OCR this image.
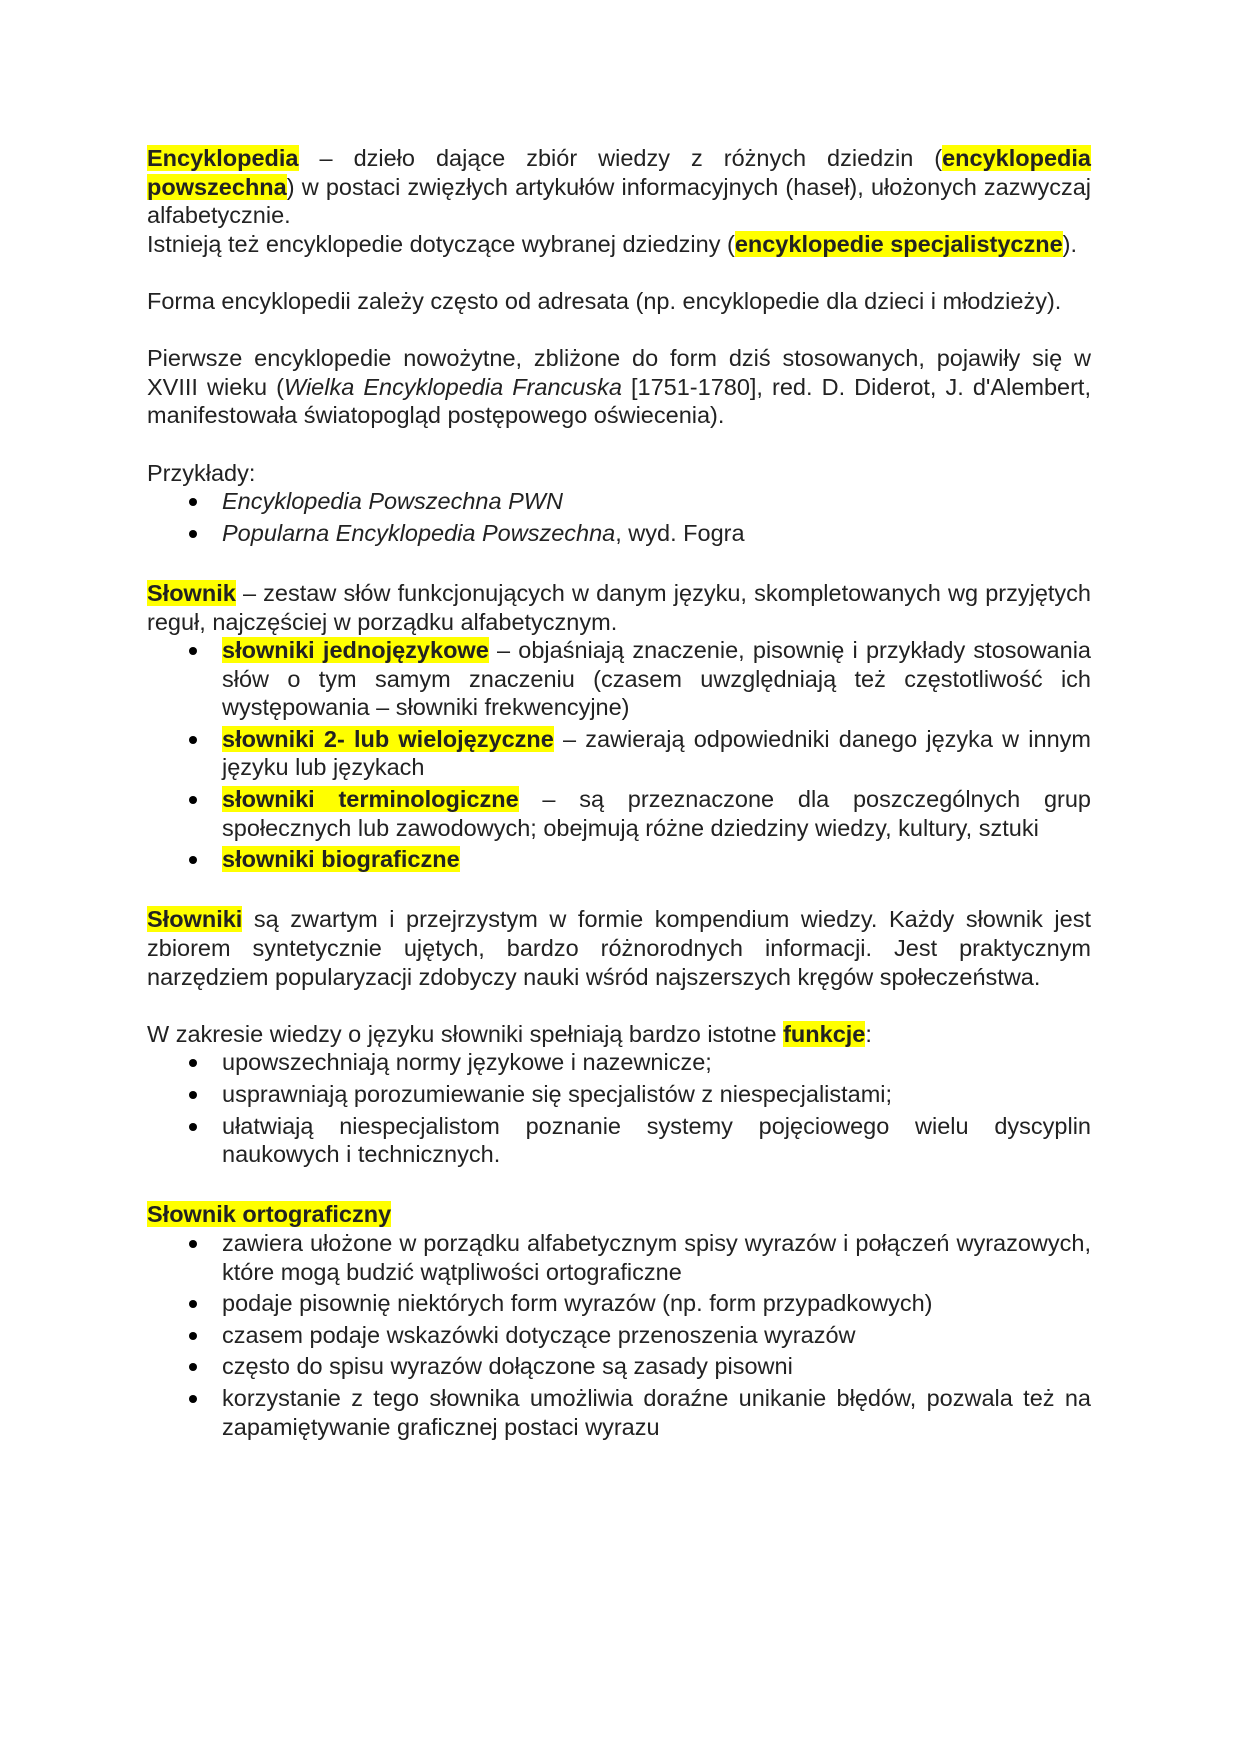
Encyklopedia – dzieło dające zbiór wiedzy z różnych dziedzin (encyklopedia powszechna) w postaci zwięzłych artykułów informacyjnych (haseł), ułożonych zazwyczaj alfabetycznie.

Istnieją też encyklopedie dotyczące wybranej dziedziny (encyklopedie specjalistyczne).

Forma encyklopedii zależy często od adresata (np. encyklopedie dla dzieci i młodzieży).

Pierwsze encyklopedie nowożytne, zbliżone do form dziś stosowanych, pojawiły się w XVIII wieku (Wielka Encyklopedia Francuska [1751-1780], red. D. Diderot, J. d'Alembert, manifestowała światopogląd postępowego oświecenia).

Przykłady:

Encyklopedia Powszechna PWN
Popularna Encyklopedia Powszechna, wyd. Fogra

Słownik – zestaw słów funkcjonujących w danym języku, skompletowanych wg przyjętych reguł, najczęściej w porządku alfabetycznym.

słowniki jednojęzykowe – objaśniają znaczenie, pisownię i przykłady stosowania słów o tym samym znaczeniu (czasem uwzględniają też częstotliwość ich występowania – słowniki frekwencyjne)
słowniki 2- lub wielojęzyczne – zawierają odpowiedniki danego języka w innym języku lub językach
słowniki terminologiczne – są przeznaczone dla poszczególnych grup społecznych lub zawodowych; obejmują różne dziedziny wiedzy, kultury, sztuki
słowniki biograficzne

Słowniki są zwartym i przejrzystym w formie kompendium wiedzy. Każdy słownik jest zbiorem syntetycznie ujętych, bardzo różnorodnych informacji. Jest praktycznym narzędziem popularyzacji zdobyczy nauki wśród najszerszych kręgów społeczeństwa.

W zakresie wiedzy o języku słowniki spełniają bardzo istotne funkcje:

upowszechniają normy językowe i nazewnicze;
usprawniają porozumiewanie się specjalistów z niespecjalistami;
ułatwiają niespecjalistom poznanie systemy pojęciowego wielu dyscyplin naukowych i technicznych.

Słownik ortograficzny

zawiera ułożone w porządku alfabetycznym spisy wyrazów i połączeń wyrazowych, które mogą budzić wątpliwości ortograficzne
podaje pisownię niektórych form wyrazów (np. form przypadkowych)
czasem podaje wskazówki dotyczące przenoszenia wyrazów
często do spisu wyrazów dołączone są zasady pisowni
korzystanie z tego słownika umożliwia doraźne unikanie błędów, pozwala też na zapamiętywanie graficznej postaci wyrazu
